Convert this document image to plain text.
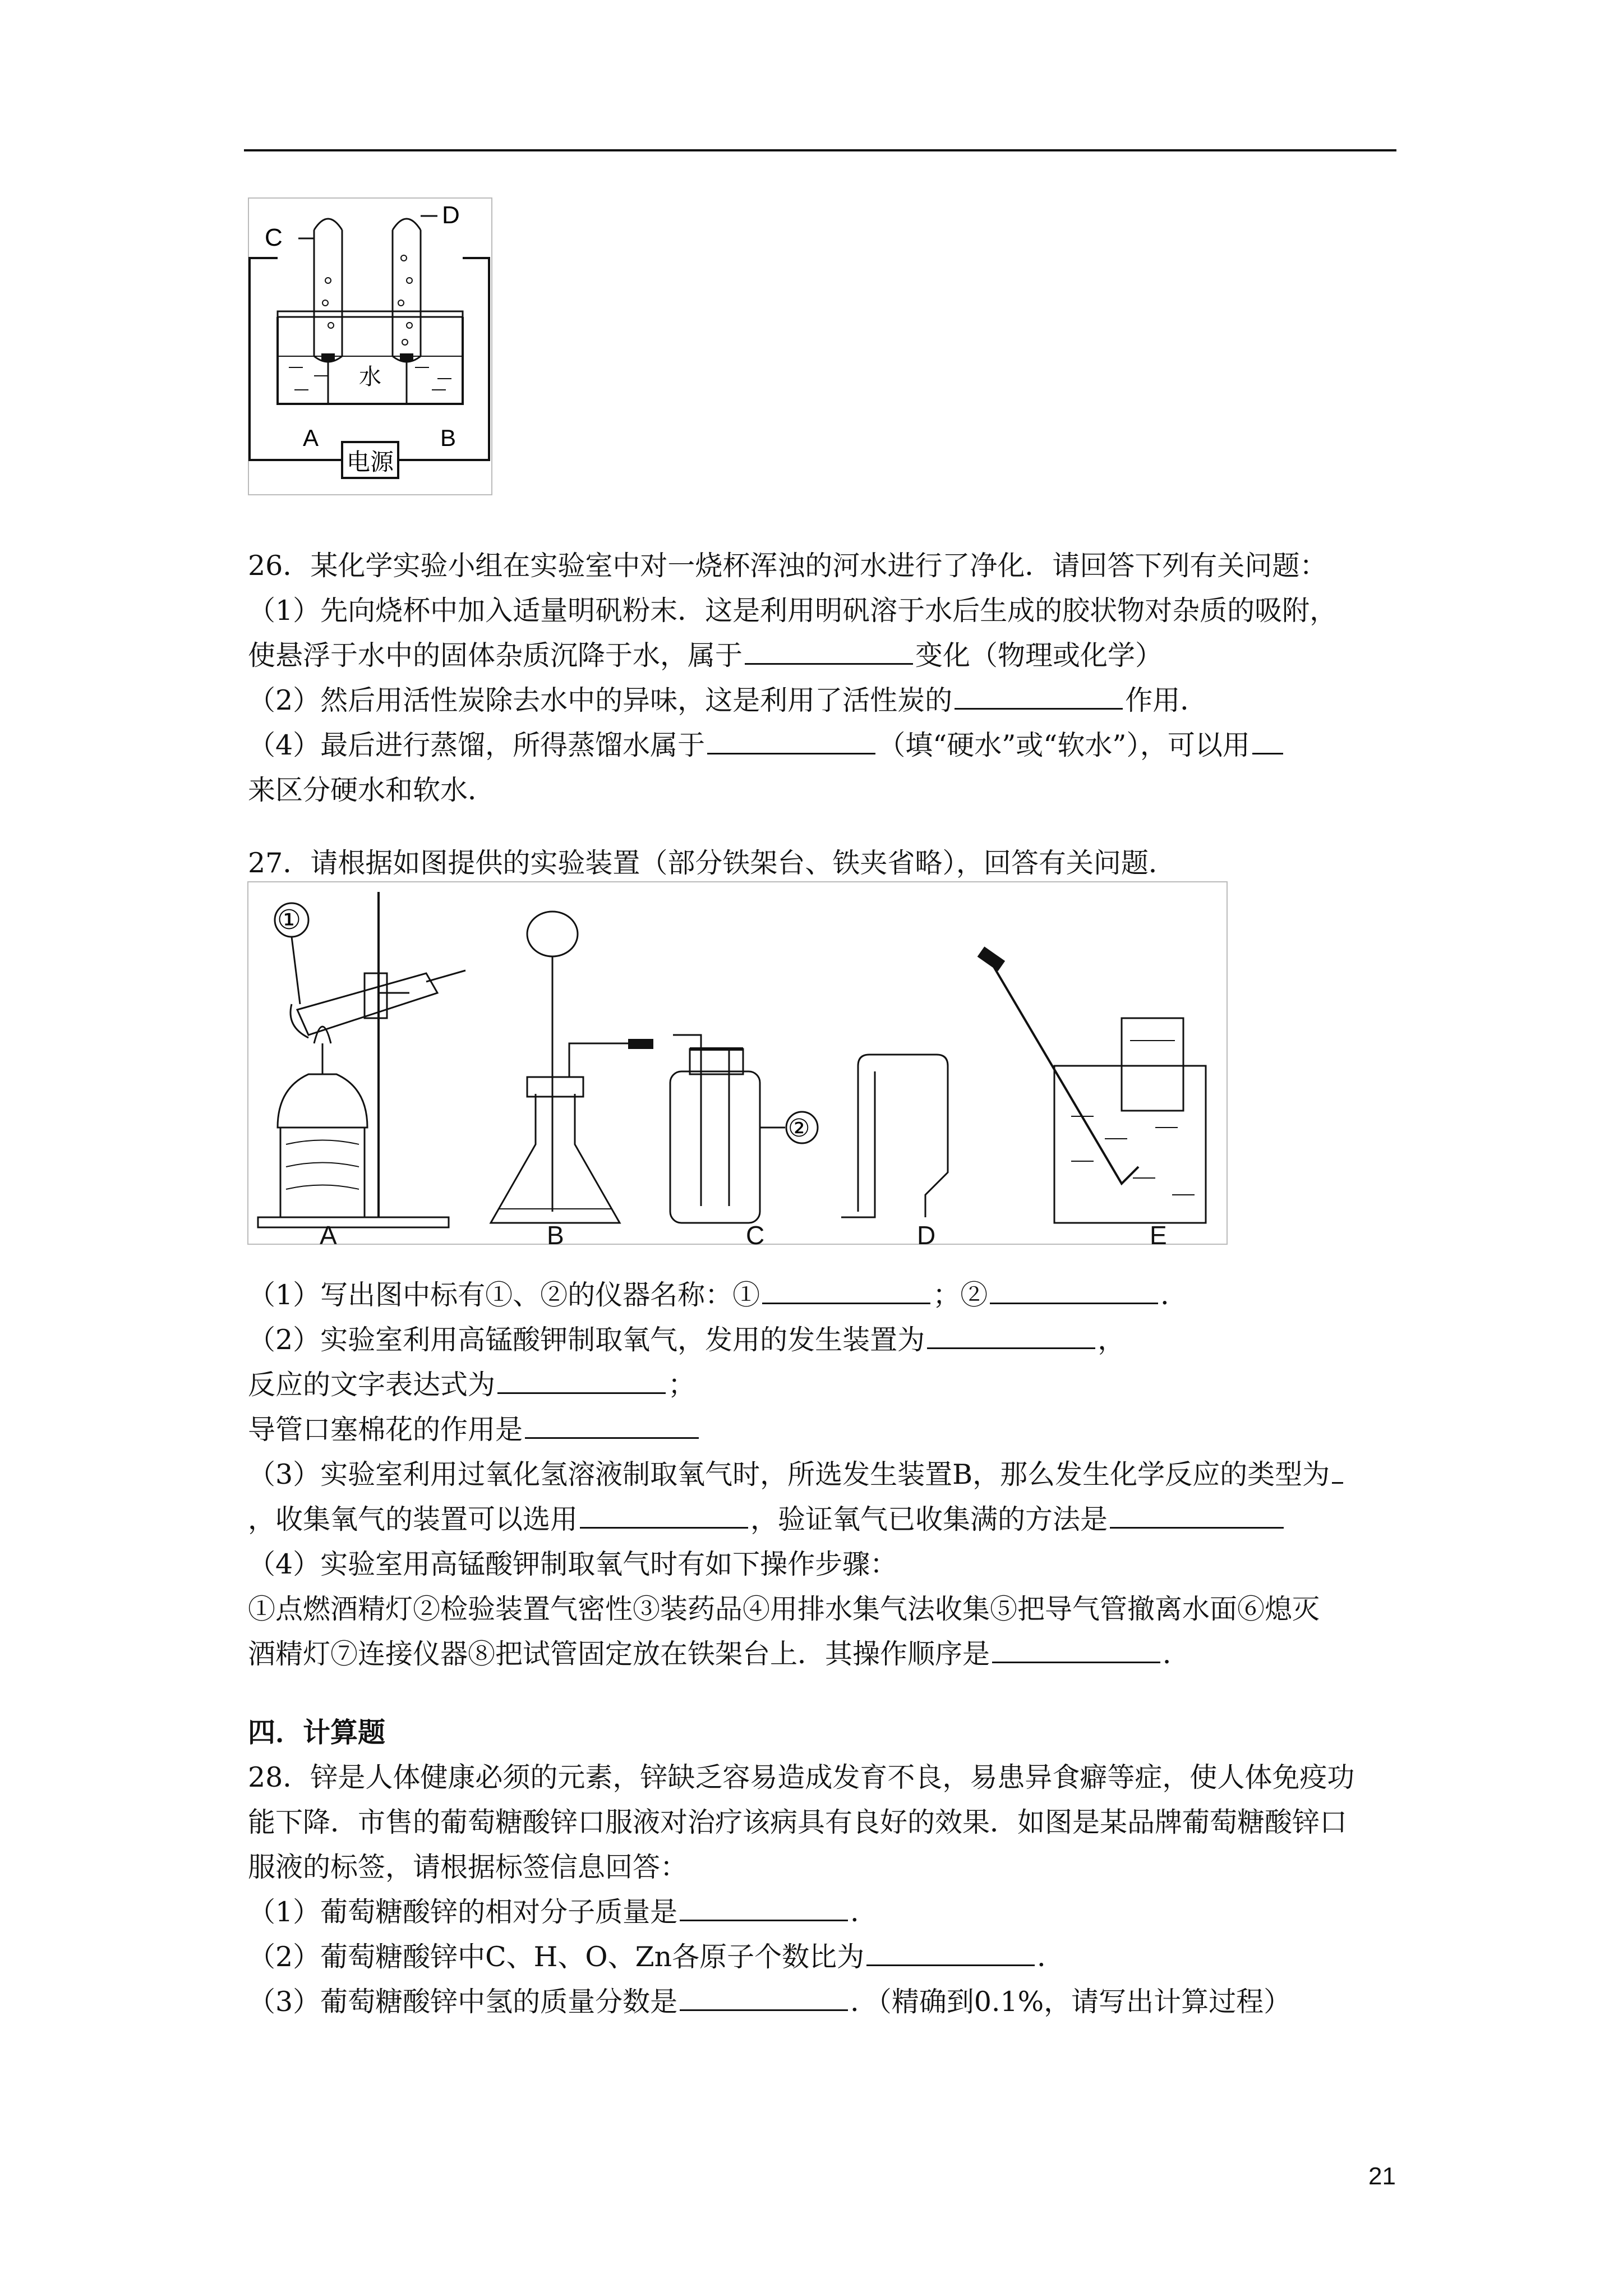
C
D
水
A	B
电源
26．某化学实验小组在实验室中对一烧杯浑浊的河水进行了净化．请回答下列有关问题：
（1）先向烧杯中加入适量明矾粉末．这是利用明矾溶于水后生成的胶状物对杂质的吸附，
使悬浮于水中的固体杂质沉降于水，属于	变化（物理或化学）
（2）然后用活性炭除去水中的异味，这是利用了活性炭的	作用．
（4）最后进行蒸馏，所得蒸馏水属于	（填“硬水”或“软水”），可以用
来区分硬水和软水．
27．请根据如图提供的实验装置（部分铁架台、铁夹省略），回答有关问题．
①
②
A	B	C	D	E
（1）写出图中标有①、②的仪器名称：①	；②	．
（2）实验室利用高锰酸钾制取氧气，发用的发生装置为	，
反应的文字表达式为	；
导管口塞棉花的作用是
（3）实验室利用过氧化氢溶液制取氧气时，所选发生装置B，那么发生化学反应的类型为
，收集氧气的装置可以选用	，验证氧气已收集满的方法是
（4）实验室用高锰酸钾制取氧气时有如下操作步骤：
①点燃酒精灯②检验装置气密性③装药品④用排水集气法收集⑤把导气管撤离水面⑥熄灭
酒精灯⑦连接仪器⑧把试管固定放在铁架台上．其操作顺序是	．
四．计算题
28．锌是人体健康必须的元素，锌缺乏容易造成发育不良，易患异食癖等症，使人体免疫功
能下降．市售的葡萄糖酸锌口服液对治疗该病具有良好的效果．如图是某品牌葡萄糖酸锌口
服液的标签，请根据标签信息回答：
（1）葡萄糖酸锌的相对分子质量是	．
（2）葡萄糖酸锌中C、H、O、Zn各原子个数比为	．
（3）葡萄糖酸锌中氢的质量分数是	．（精确到0.1%，请写出计算过程）
21
